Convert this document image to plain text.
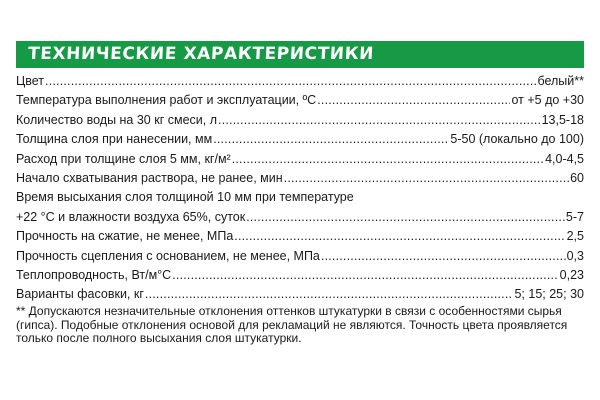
ТЕХНИЧЕСКИЕ ХАРАКТЕРИСТИКИ
Цвет .....	белый**
Температура выполнения работ и эксплуатации, ºС .....	от +5 до +30
Количество воды на 30 кг смеси, л .....	13,5-18
Толщина слоя при нанесении, мм .....	5-50 (локально до 100)
Расход при толщине слоя 5 мм, кг/м² .....	4,0-4,5
Начало схватывания раствора, не ранее, мин .....	60
Время высыхания слоя толщиной 10 мм при температуре
+22 °С и влажности воздуха 65%, суток .....	5-7
Прочность на сжатие, не менее, МПа .....	2,5
Прочность сцепления с основанием, не менее, МПа .....	0,3
Теплопроводность, Вт/м°С .....	0,23
Варианты фасовки, кг .....	5; 15; 25; 30
** Допускаются незначительные отклонения оттенков штукатурки в связи с особенностями сырья (гипса). Подобные отклонения основой для рекламаций не являются. Точность цвета проявляется только после полного высыхания слоя штукатурки.
